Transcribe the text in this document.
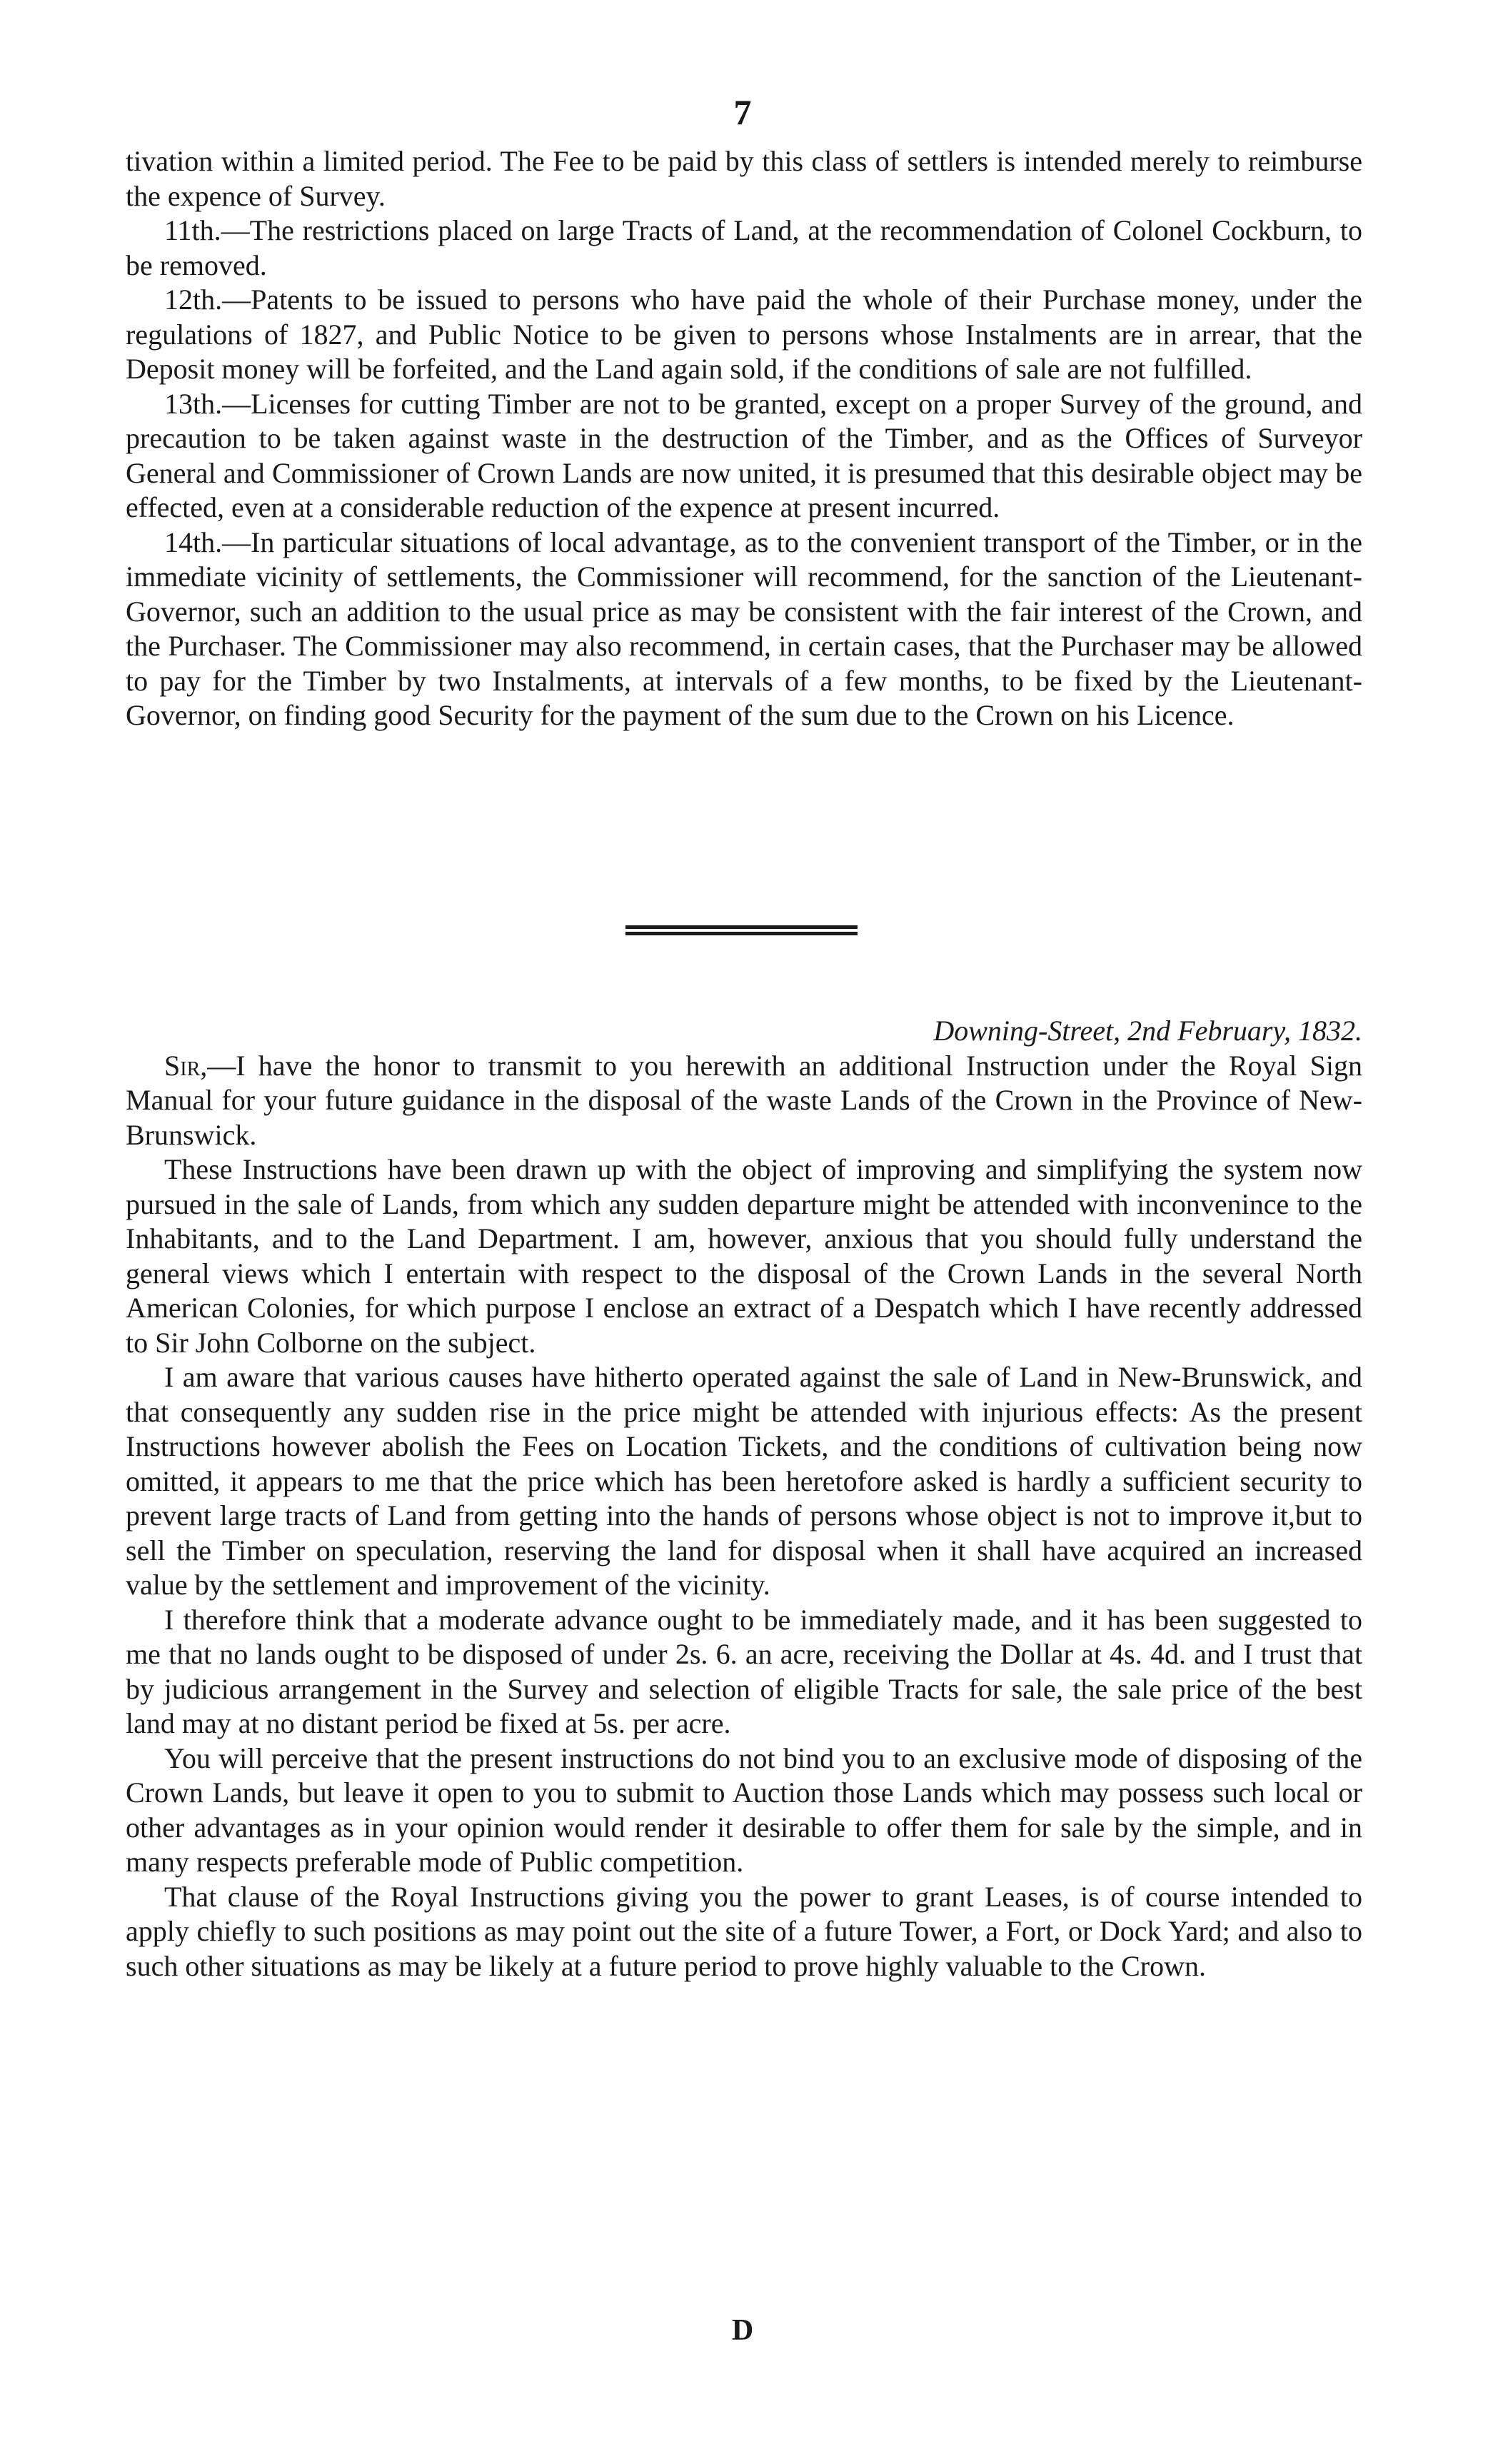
7

tivation within a limited period. The Fee to be paid by this class of settlers is intended merely to reimburse the expence of Survey.

11th.—The restrictions placed on large Tracts of Land, at the recommendation of Colonel Cockburn, to be removed.

12th.—Patents to be issued to persons who have paid the whole of their Purchase money, under the regulations of 1827, and Public Notice to be given to persons whose Instalments are in arrear, that the Deposit money will be forfeited, and the Land again sold, if the conditions of sale are not fulfilled.

13th.—Licenses for cutting Timber are not to be granted, except on a proper Survey of the ground, and precaution to be taken against waste in the destruction of the Timber, and as the Offices of Surveyor General and Commissioner of Crown Lands are now united, it is presumed that this desirable object may be effected, even at a considerable reduction of the expence at present incurred.

14th.—In particular situations of local advantage, as to the convenient transport of the Timber, or in the immediate vicinity of settlements, the Commissioner will recommend, for the sanction of the Lieutenant-Governor, such an addition to the usual price as may be consistent with the fair interest of the Crown, and the Purchaser. The Commissioner may also recommend, in certain cases, that the Purchaser may be allowed to pay for the Timber by two Instalments, at intervals of a few months, to be fixed by the Lieutenant-Governor, on finding good Security for the payment of the sum due to the Crown on his Licence.

Downing-Street, 2nd February, 1832.

Sir,—I have the honor to transmit to you herewith an additional Instruction under the Royal Sign Manual for your future guidance in the disposal of the waste Lands of the Crown in the Province of New-Brunswick.

These Instructions have been drawn up with the object of improving and simplifying the system now pursued in the sale of Lands, from which any sudden departure might be attended with inconvenince to the Inhabitants, and to the Land Department. I am, however, anxious that you should fully understand the general views which I entertain with respect to the disposal of the Crown Lands in the several North American Colonies, for which purpose I enclose an extract of a Despatch which I have recently addressed to Sir John Colborne on the subject.

I am aware that various causes have hitherto operated against the sale of Land in New-Brunswick, and that consequently any sudden rise in the price might be attended with injurious effects: As the present Instructions however abolish the Fees on Location Tickets, and the conditions of cultivation being now omitted, it appears to me that the price which has been heretofore asked is hardly a sufficient security to prevent large tracts of Land from getting into the hands of persons whose object is not to improve it,but to sell the Timber on speculation, reserving the land for disposal when it shall have acquired an increased value by the settlement and improvement of the vicinity.

I therefore think that a moderate advance ought to be immediately made, and it has been suggested to me that no lands ought to be disposed of under 2s. 6. an acre, receiving the Dollar at 4s. 4d. and I trust that by judicious arrangement in the Survey and selection of eligible Tracts for sale, the sale price of the best land may at no distant period be fixed at 5s. per acre.

You will perceive that the present instructions do not bind you to an exclusive mode of disposing of the Crown Lands, but leave it open to you to submit to Auction those Lands which may possess such local or other advantages as in your opinion would render it desirable to offer them for sale by the simple, and in many respects preferable mode of Public competition.

That clause of the Royal Instructions giving you the power to grant Leases, is of course intended to apply chiefly to such positions as may point out the site of a future Tower, a Fort, or Dock Yard; and also to such other situations as may be likely at a future period to prove highly valuable to the Crown.

D
